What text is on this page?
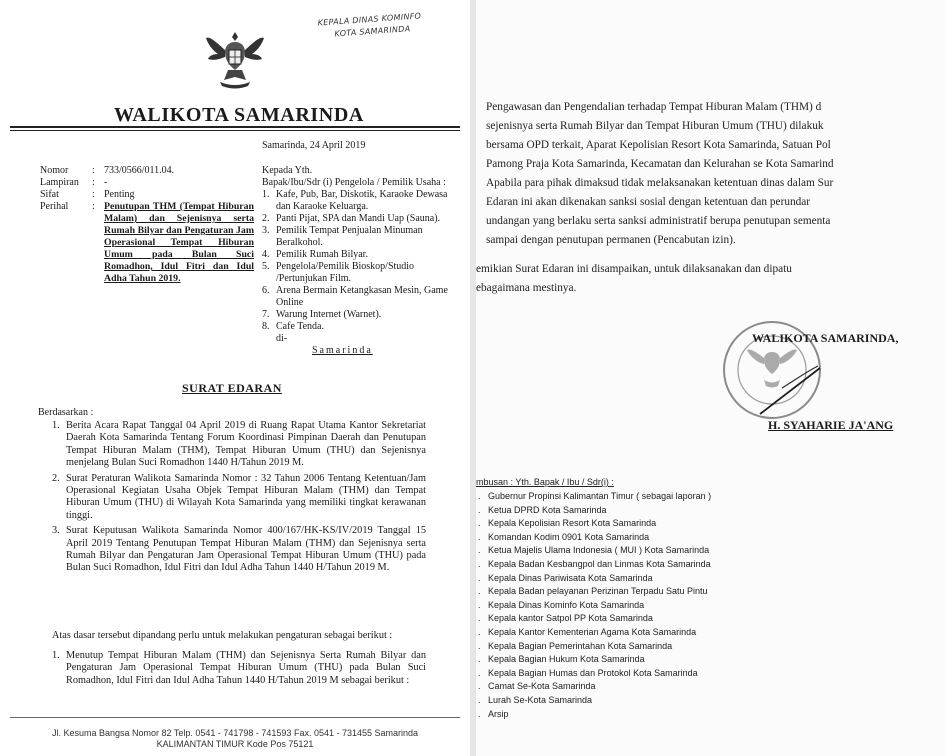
KEPALA DINAS KOMINFO
KOTA SAMARINDA
WALIKOTA SAMARINDA
Samarinda, 24 April 2019
Nomor
Lampiran
Sifat
Perihal
:
:
:
:
733/0566/011.04.
-
Penting
Penutupan THM (Tempat Hiburan Malam) dan Sejenisnya serta Rumah Bilyar dan Pengaturan Jam Operasional Tempat Hiburan Umum pada Bulan Suci Romadhon, Idul Fitri dan Idul Adha Tahun 2019.
Kepada Yth.
Bapak/Ibu/Sdr (i) Pengelola / Pemilik Usaha :
1. Kafe, Pub, Bar, Diskotik, Karaoke Dewasa dan Karaoke Keluarga.
2. Panti Pijat, SPA dan Mandi Uap (Sauna).
3. Pemilik Tempat Penjualan Minuman Beralkohol.
4. Pemilik Rumah Bilyar.
5. Pengelola/Pemilik Bioskop/Studio /Pertunjukan Film.
6. Arena Bermain Ketangkasan Mesin, Game Online
7. Warung Internet (Warnet).
8. Cafe Tenda.
di-
Samarinda
SURAT EDARAN
Berdasarkan :
1. Berita Acara Rapat Tanggal 04 April 2019 di Ruang Rapat Utama Kantor Sekretariat Daerah Kota Samarinda Tentang Forum Koordinasi Pimpinan Daerah dan Penutupan Tempat Hiburan Malam (THM), Tempat Hiburan Umum (THU) dan Sejenisnya menjelang Bulan Suci Romadhon 1440 H/Tahun 2019 M.
2. Surat Peraturan Walikota Samarinda Nomor : 32 Tahun 2006 Tentang Ketentuan/Jam Operasional Kegiatan Usaha Objek Tempat Hiburan Malam (THM) dan Tempat Hiburan Umum (THU) di Wilayah Kota Samarinda yang memiliki tingkat kerawanan tinggi.
3. Surat Keputusan Walikota Samarinda Nomor 400/167/HK-KS/IV/2019 Tanggal 15 April 2019 Tentang Penutupan Tempat Hiburan Malam (THM) dan Sejenisnya serta Rumah Bilyar dan Pengaturan Jam Operasional Tempat Hiburan Umum (THU) pada Bulan Suci Romadhon, Idul Fitri dan Idul Adha Tahun 1440 H/Tahun 2019 M.
Atas dasar tersebut dipandang perlu untuk melakukan pengaturan sebagai berikut :
1. Menutup Tempat Hiburan Malam (THM) dan Sejenisnya Serta Rumah Bilyar dan Pengaturan Jam Operasional Tempat Hiburan Umum (THU) pada Bulan Suci Romadhon, Idul Fitri dan Idul Adha Tahun 1440 H/Tahun 2019 M sebagai berikut :
Jl. Kesuma Bangsa Nomor 82 Telp. 0541 - 741798 - 741593 Fax. 0541 - 731455 Samarinda
KALIMANTAN TIMUR Kode Pos 75121
Pengawasan dan Pengendalian terhadap Tempat Hiburan Malam (THM) d
sejenisnya serta Rumah Bilyar dan Tempat Hiburan Umum (THU) dilakuk
bersama OPD terkait, Aparat Kepolisian Resort Kota Samarinda, Satuan Pol
Pamong Praja Kota Samarinda, Kecamatan dan Kelurahan se Kota Samarind
Apabila para pihak dimaksud tidak melaksanakan ketentuan dinas dalam Sur
Edaran ini akan dikenakan sanksi sosial dengan ketentuan dan perundar
undangan yang berlaku serta sanksi administratif berupa penutupan sementa
sampai dengan penutupan permanen (Pencabutan izin).
emikian Surat Edaran ini disampaikan, untuk dilaksanakan dan dipatu
ebagaimana mestinya.
WALIKOTA SAMARINDA,
H. SYAHARIE JA'ANG
mbusan : Yth. Bapak / Ibu / Sdr(i) :
. Gubernur Propinsi Kalimantan Timur ( sebagai laporan )
. Ketua DPRD Kota Samarinda
. Kepala Kepolisian Resort Kota Samarinda
. Komandan Kodim 0901 Kota Samarinda
. Ketua Majelis Ulama Indonesia ( MUI ) Kota Samarinda
. Kepala Badan Kesbangpol dan Linmas Kota Samarinda
. Kepala Dinas Pariwisata Kota Samarinda
. Kepala Badan pelayanan Perizinan Terpadu Satu Pintu
. Kepala Dinas Kominfo Kota Samarinda
. Kepala kantor Satpol PP Kota Samarinda
. Kepala Kantor Kementerian Agama Kota Samarinda
. Kepala Bagian Pemerintahan Kota Samarinda
. Kepala Bagian Hukum Kota Samarinda
. Kepala Bagian Humas dan Protokol Kota Samarinda
. Camat Se-Kota Samarinda
. Lurah Se-Kota Samarinda
. Arsip
